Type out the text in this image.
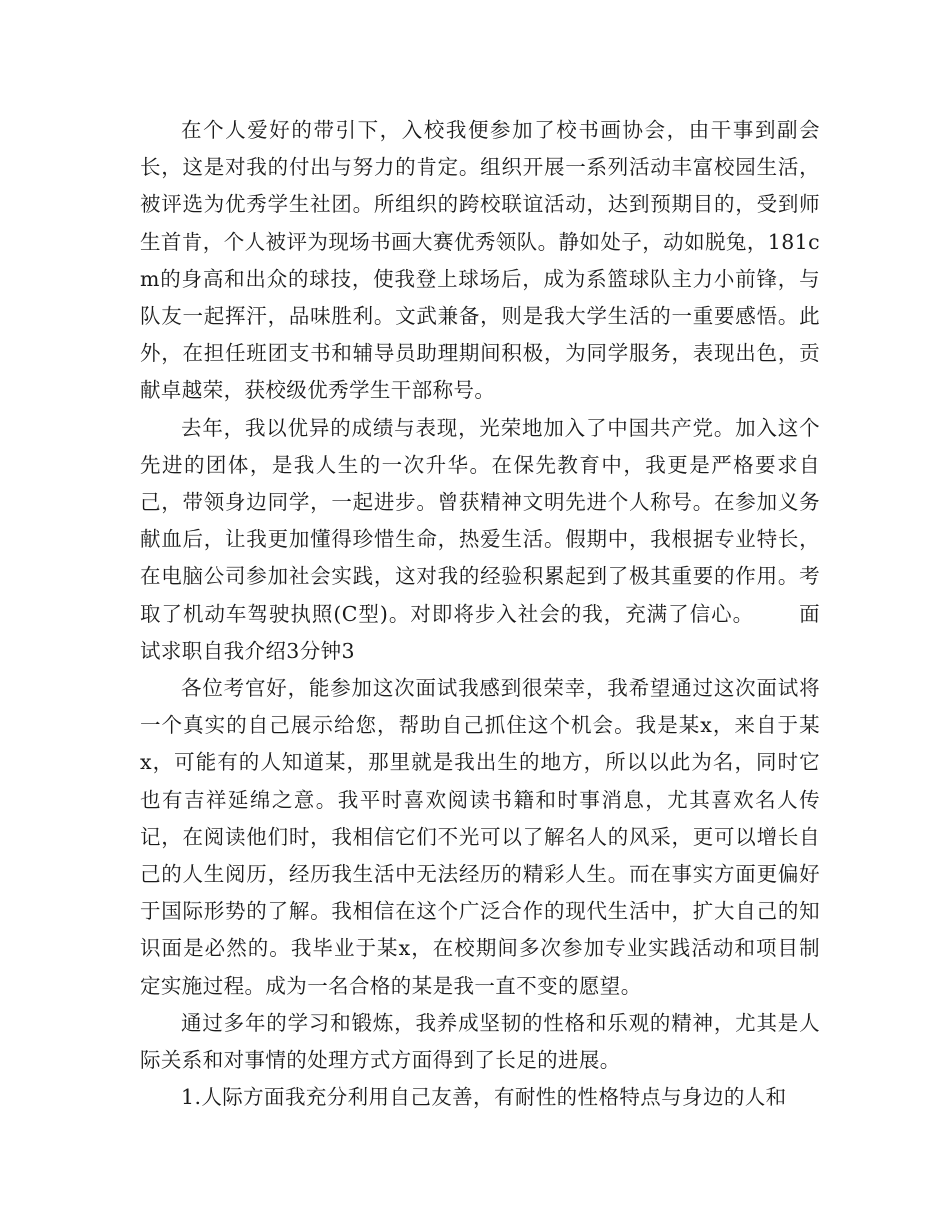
在个人爱好的带引下，入校我便参加了校书画协会，由干事到副会长，这是对我的付出与努力的肯定。组织开展一系列活动丰富校园生活，被评选为优秀学生社团。所组织的跨校联谊活动，达到预期目的，受到师生首肯，个人被评为现场书画大赛优秀领队。静如处子，动如脱兔，181cm的身高和出众的球技，使我登上球场后，成为系篮球队主力小前锋，与队友一起挥汗，品味胜利。文武兼备，则是我大学生活的一重要感悟。此外，在担任班团支书和辅导员助理期间积极，为同学服务，表现出色，贡献卓越荣，获校级优秀学生干部称号。

去年，我以优异的成绩与表现，光荣地加入了中国共产党。加入这个先进的团体，是我人生的一次升华。在保先教育中，我更是严格要求自己，带领身边同学，一起进步。曾获精神文明先进个人称号。在参加义务献血后，让我更加懂得珍惜生命，热爱生活。假期中，我根据专业特长，在电脑公司参加社会实践，这对我的经验积累起到了极其重要的作用。考取了机动车驾驶执照(C型)。对即将步入社会的我，充满了信心。      面试求职自我介绍3分钟3

各位考官好，能参加这次面试我感到很荣幸，我希望通过这次面试将一个真实的自己展示给您，帮助自己抓住这个机会。我是某x，来自于某x，可能有的人知道某，那里就是我出生的地方，所以以此为名，同时它也有吉祥延绵之意。我平时喜欢阅读书籍和时事消息，尤其喜欢名人传记，在阅读他们时，我相信它们不光可以了解名人的风采，更可以增长自己的人生阅历，经历我生活中无法经历的精彩人生。而在事实方面更偏好于国际形势的了解。我相信在这个广泛合作的现代生活中，扩大自己的知识面是必然的。我毕业于某x，在校期间多次参加专业实践活动和项目制定实施过程。成为一名合格的某是我一直不变的愿望。

通过多年的学习和锻炼，我养成坚韧的性格和乐观的精神，尤其是人际关系和对事情的处理方式方面得到了长足的进展。

1.人际方面我充分利用自己友善，有耐性的性格特点与身边的人和
